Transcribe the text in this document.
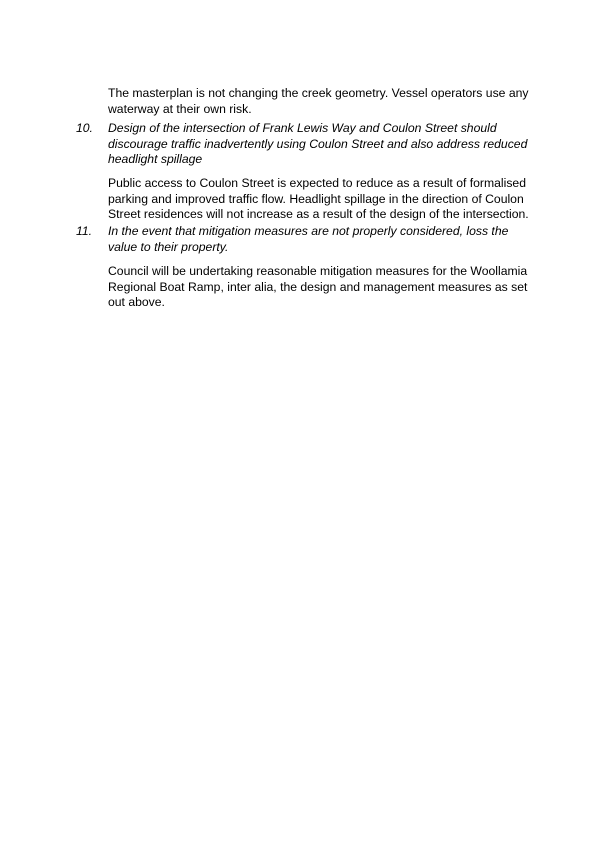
The masterplan is not changing the creek geometry. Vessel operators use any waterway at their own risk.

10.	Design of the intersection of Frank Lewis Way and Coulon Street should discourage traffic inadvertently using Coulon Street and also address reduced headlight spillage

Public access to Coulon Street is expected to reduce as a result of formalised parking and improved traffic flow. Headlight spillage in the direction of Coulon Street residences will not increase as a result of the design of the intersection.

11.	In the event that mitigation measures are not properly considered, loss the value to their property.

Council will be undertaking reasonable mitigation measures for the Woollamia Regional Boat Ramp, inter alia, the design and management measures as set out above.
